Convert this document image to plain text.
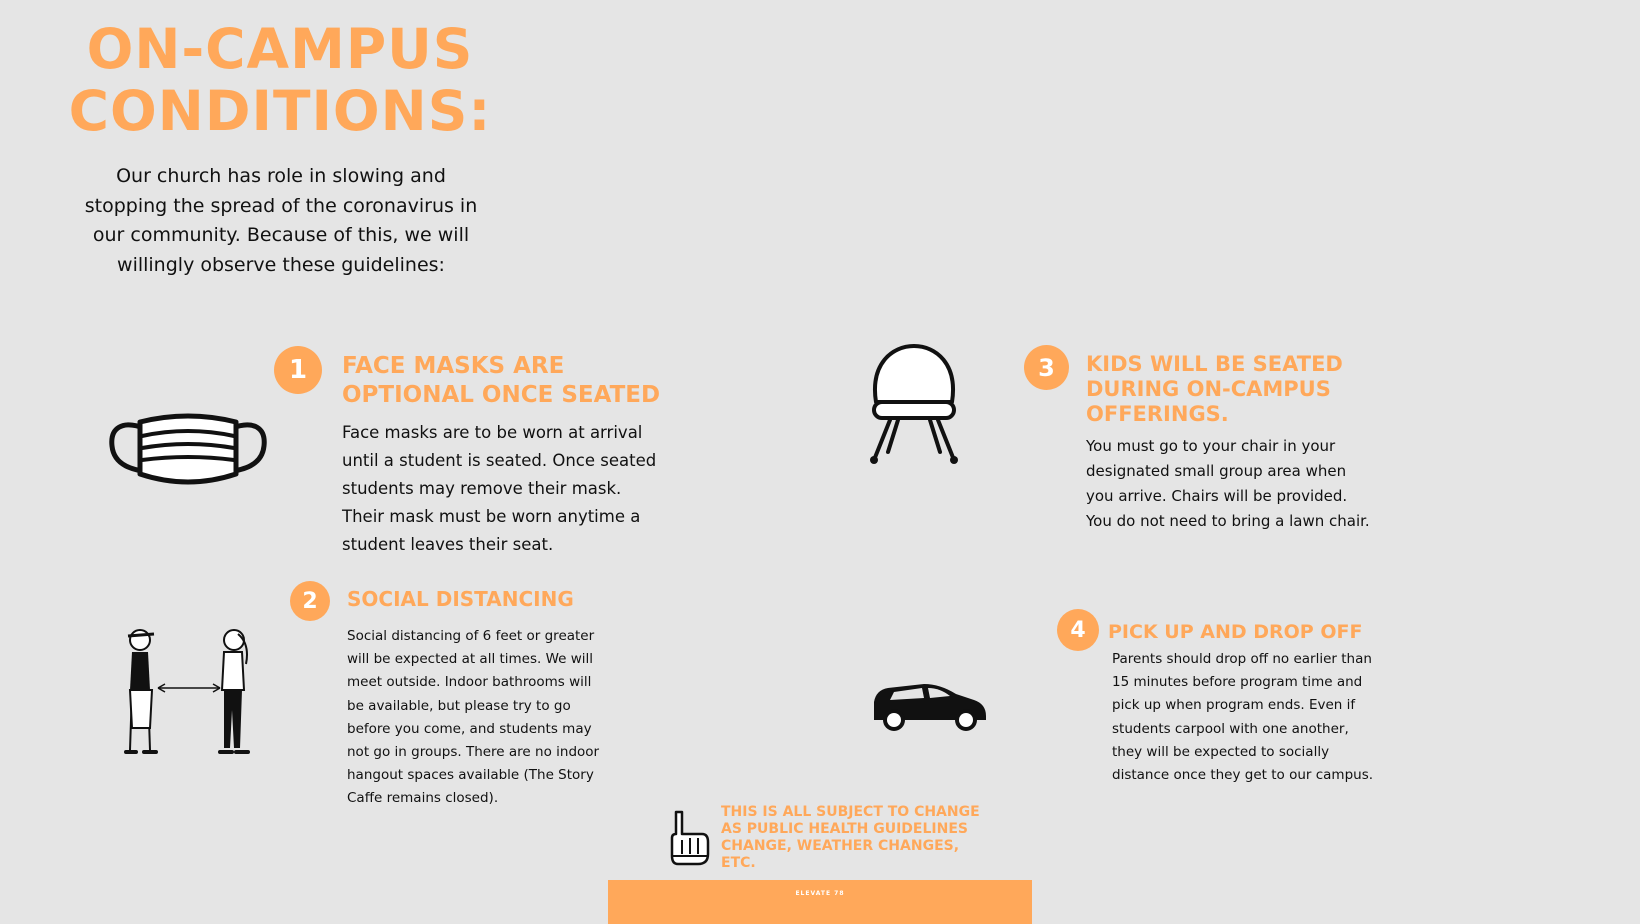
ON-CAMPUS CONDITIONS:
Our church has role in slowing and stopping the spread of the coronavirus in our community. Because of this, we will willingly observe these guidelines:
1	FACE MASKS ARE OPTIONAL ONCE SEATED
Face masks are to be worn at arrival until a student is seated. Once seated students may remove their mask. Their mask must be worn anytime a student leaves their seat.
2	SOCIAL DISTANCING
Social distancing of 6 feet or greater will be expected at all times. We will meet outside. Indoor bathrooms will be available, but please try to go before you come, and students may not go in groups. There are no indoor hangout spaces available (The Story Caffe remains closed).
3	KIDS WILL BE SEATED DURING ON-CAMPUS OFFERINGS.
You must go to your chair in your designated small group area when you arrive. Chairs will be provided. You do not need to bring a lawn chair.
4	PICK UP AND DROP OFF
Parents should drop off no earlier than 15 minutes before program time and pick up when program ends. Even if students carpool with one another, they will be expected to socially distance once they get to our campus.
THIS IS ALL SUBJECT TO CHANGE AS PUBLIC HEALTH GUIDELINES CHANGE, WEATHER CHANGES, ETC.
ELEVATE 78
